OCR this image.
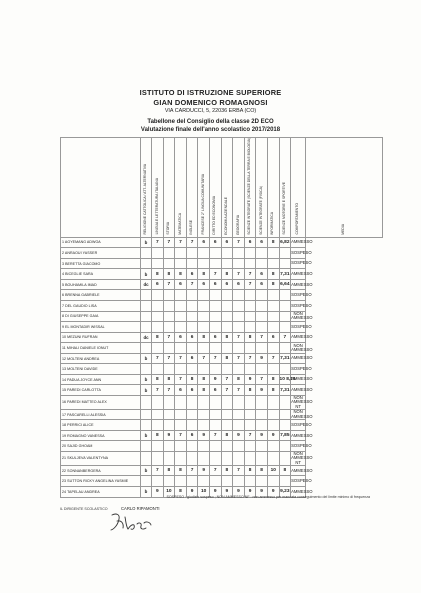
ISTITUTO DI ISTRUZIONE SUPERIORE
GIAN DOMENICO ROMAGNOSI
VIA CARDUCCI, 5, 22036 ERBA (CO)
Tabellone del Consiglio della classe 2D ECO
Valutazione finale dell'anno scolastico 2017/2018

	RELIGIONE CATTOLICA / ATT. ALTERNATIVA	LINGUA E LETTERATURA ITALIANA	STORIA	MATEMATICA	INGLESE	FRANCESE 2° LINGUA COMUNITARIA	DIRITTO ED ECONOMIA	ECONOMIA AZIENDALE	GEOGRAFIA	SCIENZE INTEGRATE (SCIENZE DELLA TERRA E BIOLOGIA)	SCIENZE INTEGRATE (FISICA)	INFORMATICA	SCIENZE MOTORIE E SPORTIVE	COMPORTAMENTO	MEDIA

1 AGYEMANG ADWOA	b	7	7	7	7	6	6	6	7	6	6	8	6,82	AMMESSO		
2 ANRAOUI YASSER														SOSPESO		
3 BERETTA GIACOMO														SOSPESO		
4 BICEGLIE SARA	b	8	8	8	6	8	7	8	7	7	6	8	7,31	AMMESSO		
5 BOUHAMILA IMAD	dc	6	7	6	7	6	6	6	6	7	6	8	6,64	AMMESSO		
6 BRENNA GABRIELE														SOSPESO		
7 DEL GAUDIO LISA														SOSPESO		
8 DI GIUSEPPE GAIA														NON AMMESSO		
9 EL MONTADIR WISSAL														SOSPESO		
10 MEZUNI RUFRAN	dc	8	7	6	6	8	6	8	7	8	7	6	7	AMMESSO		
11 MIHALI DANIELE IONUT														NON AMMESSO		
12 MOLTENI ANDREA	b	7	7	7	6	7	7	8	7	7	9	7	7,31	AMMESSO		
13 MOLTENI DAVIDE														SOSPESO		
14 PADUA JOYCE ANN	b	8	8	7	8	8	9	7	8	9	7	8	10 8,15	AMMESSO		
15 PAREDI CARLOTTA	b	7	7	6	6	8	6	7	7	8	9	8	7,31	AMMESSO		
16 PAREDI MATTEO ALEX														NON AMMESSO NT		
17 PASCARELLI ALESSIA														NON AMMESSO		
18 PERRICI ALICE														SOSPESO		
19 ROMAGNO VANESSA	b	8	9	7	6	9	7	8	9	7	9	9	7,85	AMMESSO		
20 SAJID GHOAM														SOSPESO		
21 SKULJEVA VALENTYNA														NON AMMESSO NT		
22 SONNANBERGERA	b	7	8	8	7	9	7	8	7	8	8	10	8	AMMESSO		
23 SUTTON RICKY ANGELINA YASMIE														SOSPESO		
24 TAPELAU ANDREA	b	9	10	8	9	10	9	9	9	9	9	9	9,23	AMMESSO		
SOSPESO : giudizio sospeso ; NON AMMESSO NF : non ammesso per mancata conseguimento del limite minimo di frequenza
IL DIRIGENTE SCOLASTICO	CARLO RIPAMONTI
